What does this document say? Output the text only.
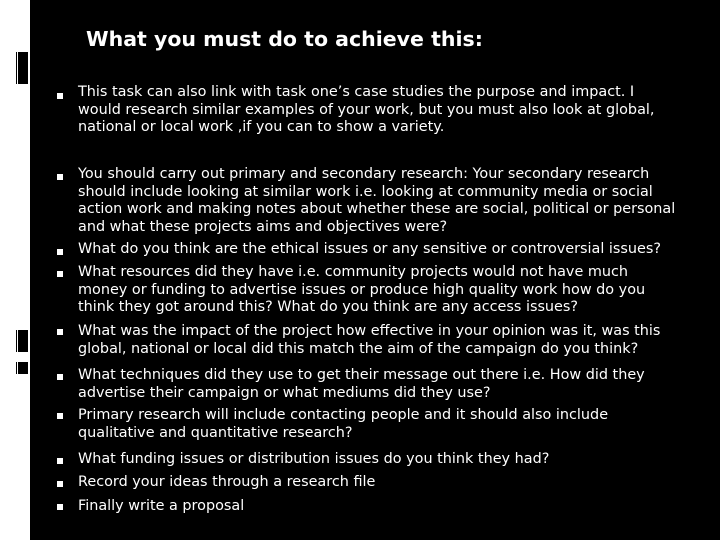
What you must do to achieve this:
This task can also link with task one’s case studies the purpose and impact. I would research similar examples of your work, but you must also look at global, national or local work ,if you can to show a variety.
You should carry out primary and secondary research: Your secondary research should include looking at similar work i.e. looking at community media or social action work and making notes about whether these are social, political or personal and what these projects aims and objectives were?
What do you think are the ethical issues or any sensitive or controversial issues?
What resources did they have i.e. community projects would not have much money or funding to advertise issues or produce high quality work how do you think they got around this? What do you think are any access issues?
What was the impact of the project how effective in your opinion was it, was this global, national or local did this match the aim of the campaign do you think?
What techniques did they use to get their message out there i.e. How did they advertise their campaign or what mediums did they use?
Primary research will include contacting people and it should also include qualitative and quantitative research?
What funding issues or distribution issues do you think they had?
Record your ideas through a research file
Finally write a proposal
